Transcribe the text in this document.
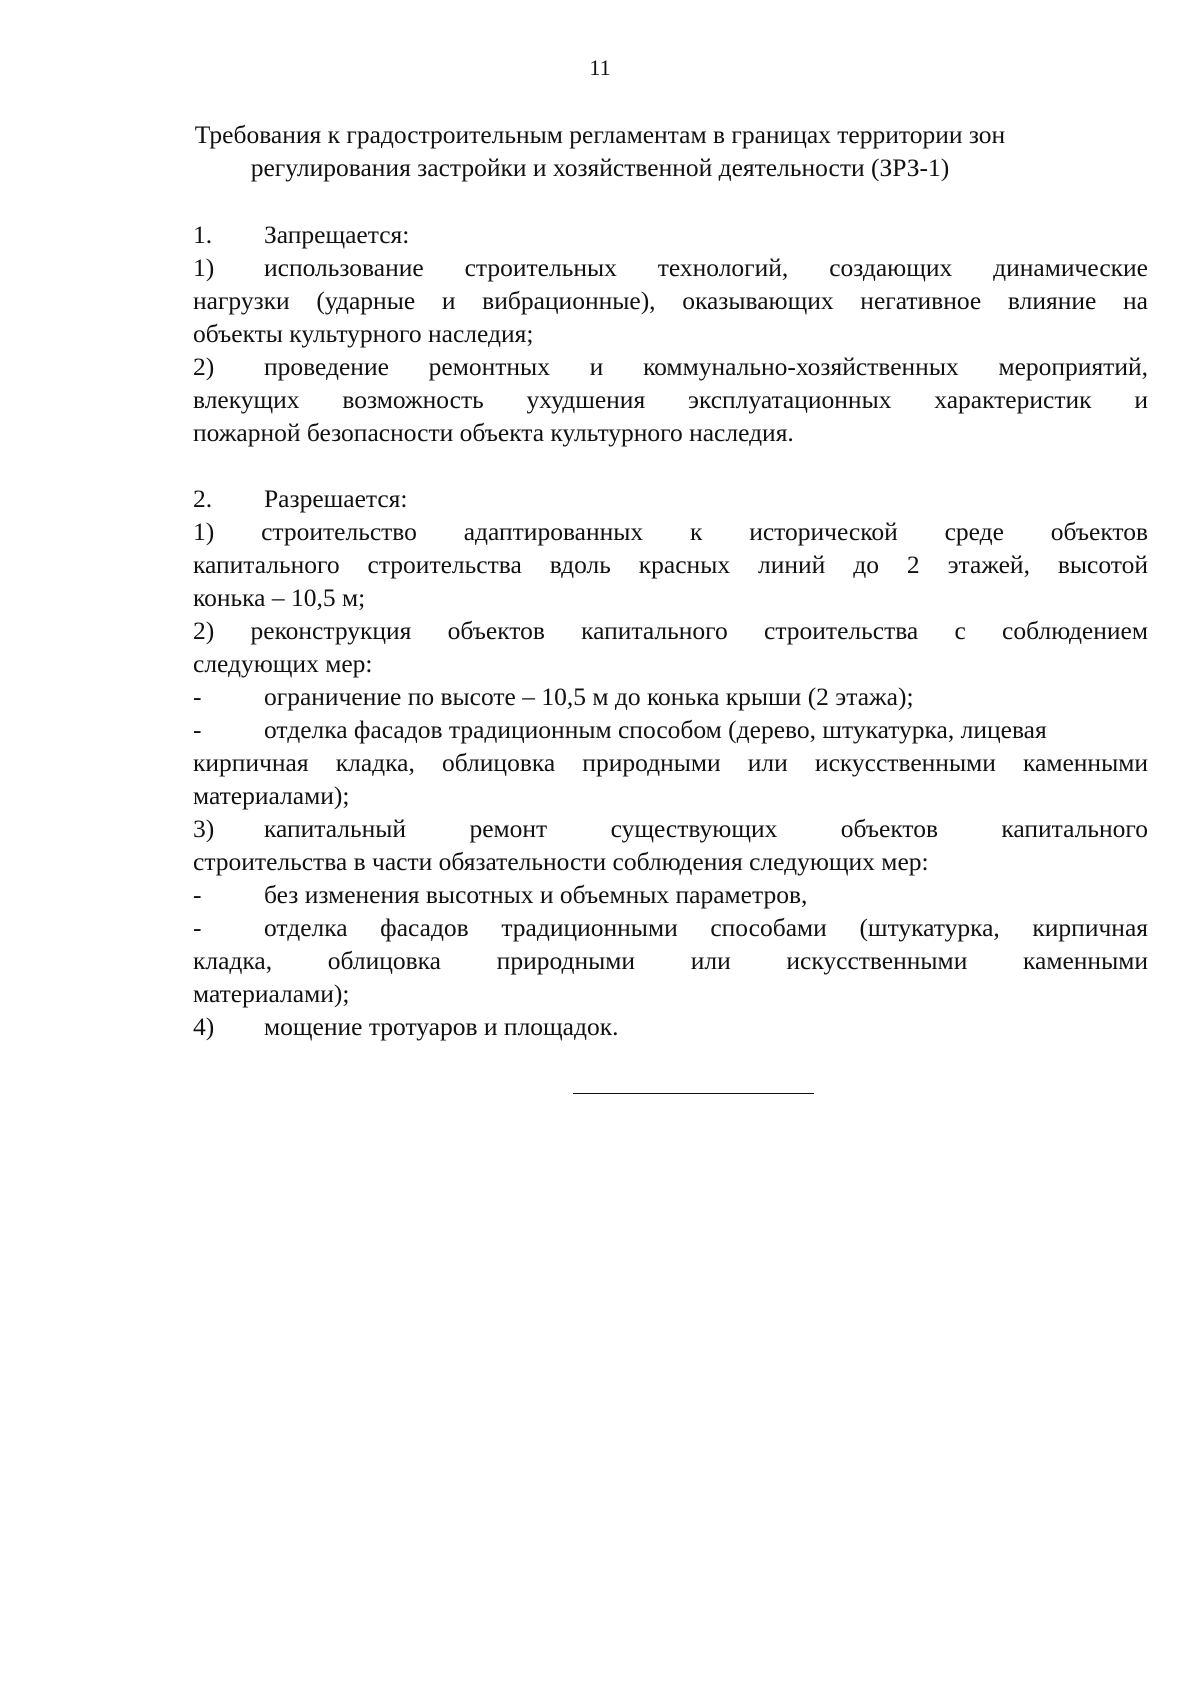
11
Требования к градостроительным регламентам в границах территории зон
регулирования застройки и хозяйственной деятельности (ЗРЗ-1)
1.	Запрещается:
1)	использование строительных технологий, создающих динамические
нагрузки (ударные и вибрационные), оказывающих негативное влияние на
объекты культурного наследия;
2)	проведение ремонтных и коммунально-хозяйственных мероприятий,
влекущих возможность ухудшения эксплуатационных характеристик и
пожарной безопасности объекта культурного наследия.
2.	Разрешается:
1) строительство адаптированных к исторической среде объектов
капитального строительства вдоль красных линий до 2 этажей, высотой
конька – 10,5 м;
2) реконструкция объектов капитального строительства с соблюдением
следующих мер:
-	ограничение по высоте – 10,5 м до конька крыши (2 этажа);
-	отделка фасадов традиционным способом (дерево, штукатурка, лицевая
кирпичная кладка, облицовка природными или искусственными каменными
материалами);
3)	капитальный ремонт существующих объектов капитального
строительства в части обязательности соблюдения следующих мер:
-	без изменения высотных и объемных параметров,
-	отделка фасадов традиционными способами (штукатурка, кирпичная
кладка, облицовка природными или искусственными каменными
материалами);
4)	мощение тротуаров и площадок.
